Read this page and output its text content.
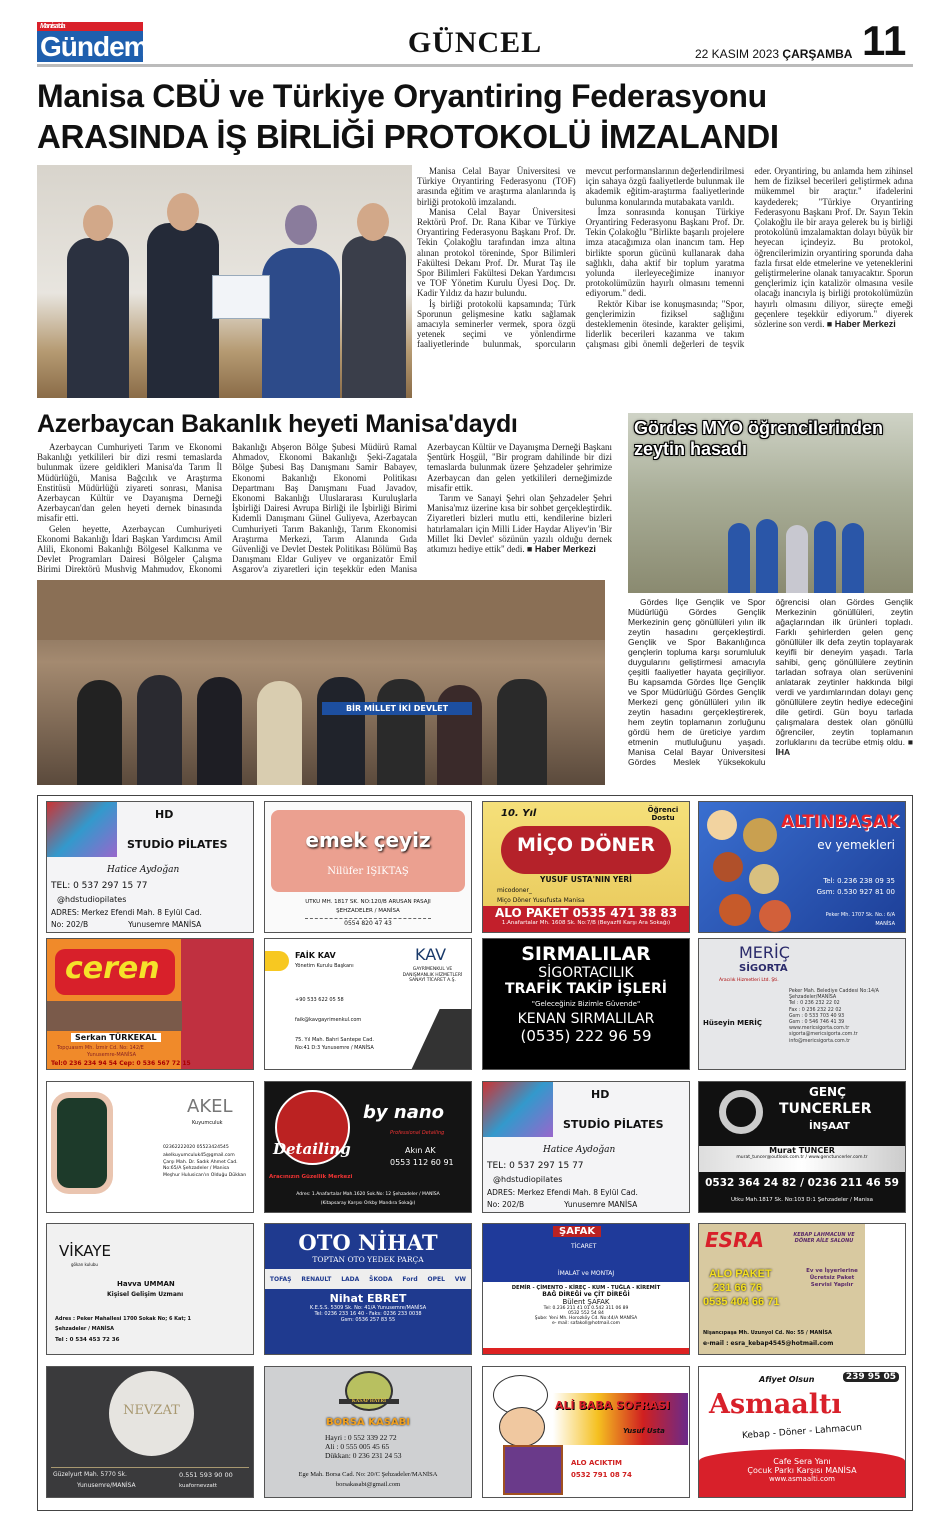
Manisa'da
Gündem	GÜNCEL	22 KASIM 2023 ÇARŞAMBA 11
Manisa CBÜ ve Türkiye Oryantiring Federasyonu
ARASINDA İŞ BİRLİĞİ PROTOKOLÜ İMZALANDI

Manisa Celal Bayar Üniversitesi ve Türkiye Oryantiring Federasyonu (TOF) arasında eğitim ve araştırma alanlarında iş birliği protokolü imzalandı.

Manisa Celal Bayar Üniversitesi Rektörü Prof. Dr. Rana Kibar ve Türkiye Oryantiring Federasyonu Başkanı Prof. Dr. Tekin Çolakoğlu tarafından imza altına alınan protokol töreninde, Spor Bilimleri Fakültesi Dekanı Prof. Dr. Murat Taş ile Spor Bilimleri Fakültesi Dekan Yardımcısı ve TOF Yönetim Kurulu Üyesi Doç. Dr. Kadir Yıldız da hazır bulundu.

İş birliği protokolü kapsamında; Türk Sporunun gelişmesine katkı sağlamak amacıyla seminerler vermek, spora özgü yetenek seçimi ve yönlendirme faaliyetlerinde bulunmak, sporcuların mevcut performanslarının değerlendirilmesi için sahaya özgü faaliyetlerde bulunmak ile akademik eğitim-araştırma faaliyetlerinde bulunma konularında mutabakata varıldı.

İmza sonrasında konuşan Türkiye Oryantiring Federasyonu Başkanı Prof. Dr. Tekin Çolakoğlu "Birlikte başarılı projelere imza atacağımıza olan inancım tam. Hep birlikte sporun gücünü kullanarak daha sağlıklı, daha aktif bir toplum yaratma yolunda ilerleyeceğimize inanıyor protokolümüzün hayırlı olmasını temenni ediyorum." dedi.

Rektör Kibar ise konuşmasında; "Spor, gençlerimizin fiziksel sağlığını desteklemenin ötesinde, karakter gelişimi, liderlik becerileri kazanma ve takım çalışması gibi önemli değerleri de teşvik eder. Oryantiring, bu anlamda hem zihinsel hem de fiziksel becerileri geliştirmek adına mükemmel bir araçtır." ifadelerini kaydederek; "Türkiye Oryantiring Federasyonu Başkanı Prof. Dr. Sayın Tekin Çolakoğlu ile bir araya gelerek bu iş birliği protokolünü imzalamaktan dolayı büyük bir heyecan içindeyiz. Bu protokol, öğrencilerimizin oryantiring sporunda daha fazla fırsat elde etmelerine ve yeteneklerini geliştirmelerine olanak tanıyacaktır. Sporun gençlerimiz için katalizör olmasına vesile olacağı inancıyla iş birliği protokolümüzün hayırlı olmasını diliyor, süreçte emeği geçenlere teşekkür ediyorum." diyerek sözlerine son verdi. ■ Haber Merkezi

Azerbaycan Bakanlık heyeti Manisa'daydı

Azerbaycan Cumhuriyeti Tarım ve Ekonomi Bakanlığı yetkilileri bir dizi resmi temaslarda bulunmak üzere geldikleri Manisa'da Tarım İl Müdürlüğü, Manisa Bağcılık ve Araştırma Enstitüsü Müdürlüğü ziyareti sonrası, Manisa Azerbaycan Kültür ve Dayanışma Derneği Azerbaycan'dan gelen heyeti dernek binasında misafir etti.

Gelen heyette, Azerbaycan Cumhuriyeti Ekonomi Bakanlığı İdari Başkan Yardımcısı Amil Alili, Ekonomi Bakanlığı Bölgesel Kalkınma ve Devlet Programları Dairesi Bölgeler Çalışma Birimi Direktörü Mushvig Mahmudov, Ekonomi Bakanlığı Abşeron Bölge Şubesi Müdürü Ramal Ahmadov, Ekonomi Bakanlığı Şeki-Zagatala Bölge Şubesi Baş Danışmanı Samir Babayev, Ekonomi Bakanlığı Ekonomi Politikası Departmanı Baş Danışmanı Fuad Javadov, Ekonomi Bakanlığı Uluslararası Kuruluşlarla İşbirliği Dairesi Avrupa Birliği ile İşbirliği Birimi Kıdemli Danışmanı Günel Guliyeva, Azerbaycan Cumhuriyeti Tarım Bakanlığı, Tarım Ekonomisi Araştırma Merkezi, Tarım Alanında Gıda Güvenliği ve Devlet Destek Politikası Bölümü Baş Danışmanı Eldar Guliyev ve organizatör Emil Asgarov'a ziyaretleri için teşekkür eden Manisa Azerbaycan Kültür ve Dayanışma Derneği Başkanı Şentürk Hoşgül, "Bir program dahilinde bir dizi temaslarda bulunmak üzere Şehzadeler şehrimize Azerbaycan dan gelen yetkilileri derneğimizde misafir ettik.

Tarım ve Sanayi Şehri olan Şehzadeler Şehri Manisa'mız üzerine kısa bir sohbet gerçekleştirdik. Ziyaretleri bizleri mutlu etti, kendilerine bizleri hatırlamaları için Milli Lider Haydar Aliyev'in 'Bir Millet İki Devlet' sözünün yazılı olduğu dernek atkımızı hediye ettik" dedi. ■ Haber Merkezi

BİR MİLLET İKİ DEVLET
Gördes MYO öğrencilerinden zeytin hasadı

Gördes İlçe Gençlik ve Spor Müdürlüğü Gördes Gençlik Merkezinin genç gönüllüleri yılın ilk zeytin hasadını gerçekleştirdi. Gençlik ve Spor Bakanlığınca gençlerin topluma karşı sorumluluk duygularını geliştirmesi amacıyla çeşitli faaliyetler hayata geçiriliyor. Bu kapsamda Gördes İlçe Gençlik ve Spor Müdürlüğü Gördes Gençlik Merkezi genç gönüllüleri yılın ilk zeytin hasadını gerçekleştirerek, hem zeytin toplamanın zorluğunu gördü hem de üreticiye yardım etmenin mutluluğunu yaşadı. Manisa Celal Bayar Üniversitesi Gördes Meslek Yüksekokulu öğrencisi olan Gördes Gençlik Merkezinin gönüllüleri, zeytin ağaçlarından ilk ürünleri topladı. Farklı şehirlerden gelen genç gönüllüler ilk defa zeytin toplayarak keyifli bir deneyim yaşadı. Tarla sahibi, genç gönüllülere zeytinin tarladan sofraya olan serüvenini anlatarak zeytinler hakkında bilgi verdi ve yardımlarından dolayı genç gönüllülere zeytin hediye edeceğini dile getirdi. Gün boyu tarlada çalışmalara destek olan gönüllü öğrenciler, zeytin toplamanın zorluklarını da tecrübe etmiş oldu. ■ İHA

HD
STUDİO PİLATES
Hatice Aydoğan
TEL: 0 537 297 15 77
@hdstudiopilates
ADRES: Merkez Efendi Mah. 8 Eylül Cad.
No: 202/B	Yunusemre MANİSA
emek çeyiz
Nilüfer IŞIKTAŞ
UTKU MH. 1817 SK. NO:120/B ARUSAN PASAJI
ŞEHZADELER / MANİSA
0554 820 47 43
10. Yıl	Öğrenci Dostu
MİÇO DÖNER
YUSUF USTA'NIN YERİ
micodoner_
Miço Döner Yusufusta Manisa
ALO PAKET 0535 471 38 83
1.Anafartalar Mh. 1608 Sk. No:7/B (Beyazfil Karşı Ara Sokağı)
ALTINBAŞAK
ev yemekleri
Tel: 0.236 238 09 35
Gsm: 0.530 927 81 00
Peker Mh. 1707 Sk. No.: 6/A
MANİSA
ceren
Serkan TÜRKEKAL
Topçuasım Mh. İzmir Cd. No: 142/E
Yunusemre-MANİSA
Tel:0 236 234 94 54 Cep: 0 536 567 72 15
FAİK KAV
Yönetim Kurulu Başkanı
KAV
GAYRİMENKUL VE DANIŞMANLIK HİZMETLERİ SANAYİ TİCARET A.Ş.
+90 533 622 05 58
faik@kavgayrimenkul.com
75. Yıl Mah. Bahri Santepe Cad.
No:41 D:3 Yunusemre / MANİSA
SIRMALILAR
SİGORTACILIK
TRAFİK TAKİP İŞLERİ
"Geleceğiniz Bizimle Güvende"
KENAN SIRMALILAR
(0535) 222 96 59
MERİÇ
SİGORTA
Aracılık Hizmetleri Ltd. Şti.
Hüseyin MERİÇ
Peker Mah. Belediye Caddesi No:14/A Şehzadeler/MANİSA
Tel : 0 236 232 22 02
Fax : 0 236 232 22 02
Gsm : 0 533 703 40 93
Gsm : 0 546 746 41 39
www.mericsigorta.com.tr
sigorta@mericsigorta.com.tr
info@mericsigorta.com.tr
AKEL
Kuyumculuk
02362222020 05523424545
akelkuyumculuk45@gmail.com
Çarşı Mah. Dr. Sadık Ahmet Cad. No:65/A Şehzadeler / Manisa
Meşhur Hulusican'ın Olduğu Dükkan
Detailing
Aracınızın Güzellik Merkezi
by nano
Professional Detailing
Akın AK
0553 112 60 91
Adres: 1.Anafartalar Mah.1620 Sok.No: 12 Şehzadeler / MANİSA
(Kitapsaray Karşısı Orkby Mandıra Sokağı)
HD
STUDİO PİLATES
Hatice Aydoğan
TEL: 0 537 297 15 77
@hdstudiopilates
ADRES: Merkez Efendi Mah. 8 Eylül Cad.
No: 202/B	Yunusemre MANİSA
GENÇ
TUNCERLER
İNŞAAT
Murat TUNCER
murat_tuncer@outlook.com.tr / www.genctuncerler.com.tr
0532 364 24 82 / 0236 211 46 59
Utku Mah.1817 Sk. No:103 D:1 Şehzadeler / Manisa
VİKAYE
gökan kulubu
Havva UMMAN
Kişisel Gelişim Uzmanı
Adres : Peker Mahallesi 1700 Sokak No; 6 Kat; 1
Şehzadeler / MANİSA
Tel : 0 534 453 72 36
OTO NİHAT
TOPTAN OTO YEDEK PARÇA
TOFAŞ RENAULT LADA ŠKODA Ford OPEL VW
Nihat EBRET
K.E.S.S. 5309 Sk. No: 41/A Yunusemre/MANİSA
Tel: 0236 233 16 40 - Faks: 0236 233 0038
Gsm: 0536 257 83 55
ŞAFAK
TİCARET
İMALAT ve MONTAJ
DEMİR - ÇİMENTO - KİREÇ - KUM - TUĞLA - KİREMİT
BAĞ DİREĞİ ve ÇİT DİREĞİ
Bülent ŞAFAK
Tel: 0.236 211 41 01 0.542 311 06 89
0532 552 54 84
Şube: Yeni Mh. Horozköy Cd. No:44/A MANİSA
e- mail: safakoll@hotmail.com
ESRA	KEBAP LAHMACUN VE DÖNER AİLE SALONU
ALO PAKET
231 66 76
0535 404 66 71
Ev ve İşyerlerine Ücretsiz Paket Servisi Yapılır
Nişancıpaşa Mh. Uzunyol Cd. No: 55 / MANİSA
e-mail : esra_kebap4545@hotmail.com
NEVZAT
Güzelyurt Mah. 5770 Sk.
Yunusemre/MANİSA
0.551 593 90 00
kuafornevzatt
KASAP HAYRİ
BORSA KASABI
Hayri : 0 552 339 22 72
Ali : 0 555 005 45 65
Dükkan: 0 236 231 24 53
Ege Mah. Borsa Cad. No: 20/C Şehzadeler/MANİSA
borsakasabi@gmail.com
ALİ BABA SOFRASI
Yusuf Usta
ALO ACIKTIM
0532 791 08 74
239 95 05
Afiyet Olsun
Asmaaltı
Kebap - Döner - Lahmacun
Cafe Sera Yanı
Çocuk Parkı Karşısı MANİSA
www.asmaalti.com
